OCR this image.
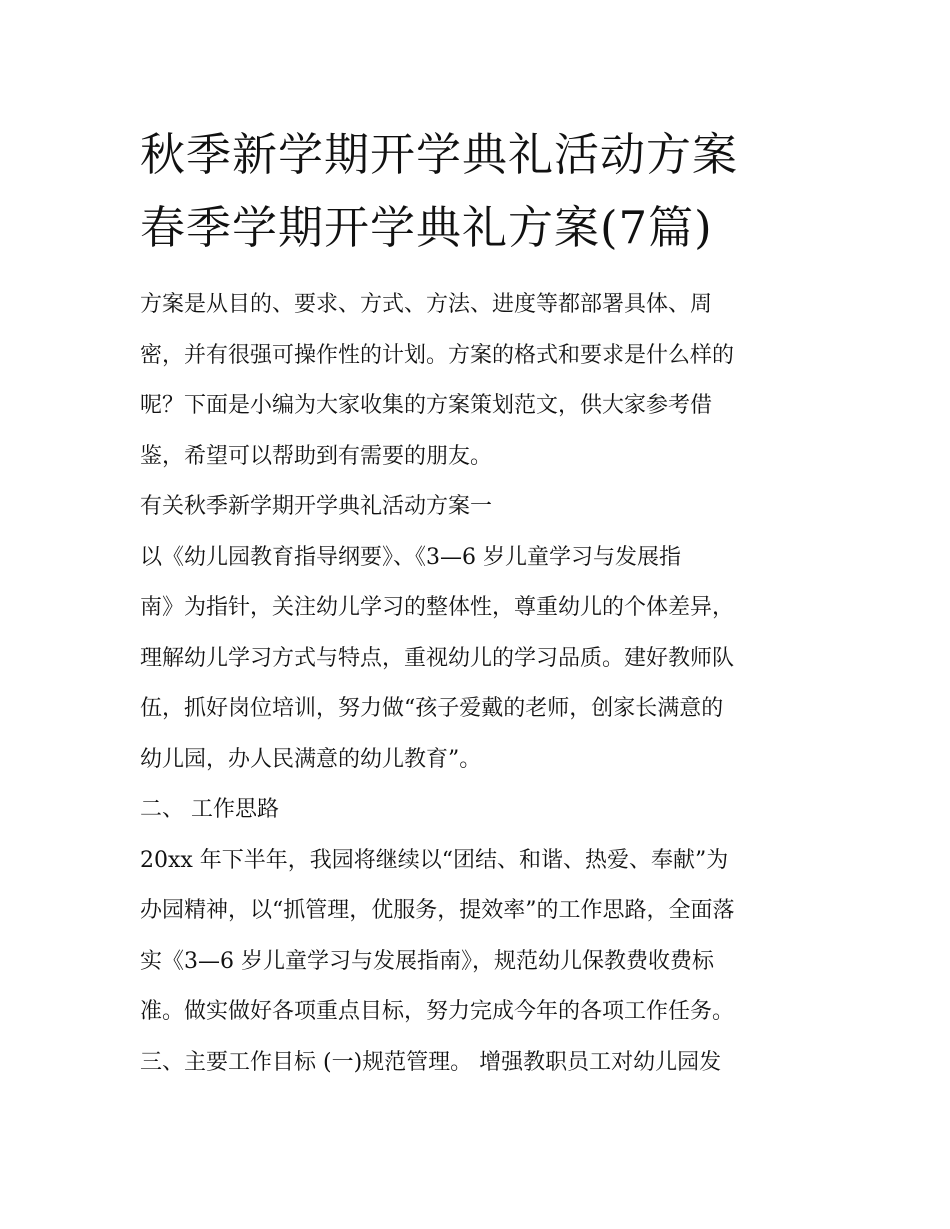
秋季新学期开学典礼活动方案
春季学期开学典礼方案(7篇)

方案是从目的、要求、方式、方法、进度等都部署具体、周
密，并有很强可操作性的计划。方案的格式和要求是什么样的
呢？下面是小编为大家收集的方案策划范文，供大家参考借
鉴，希望可以帮助到有需要的朋友。

有关秋季新学期开学典礼活动方案一

以《幼儿园教育指导纲要》、《3—6 岁儿童学习与发展指
南》为指针，关注幼儿学习的整体性，尊重幼儿的个体差异，
理解幼儿学习方式与特点，重视幼儿的学习品质。建好教师队
伍，抓好岗位培训，努力做“孩子爱戴的老师，创家长满意的
幼儿园，办人民满意的幼儿教育”。

二、 工作思路

20xx 年下半年，我园将继续以“团结、和谐、热爱、奉献”为
办园精神，以“抓管理，优服务，提效率”的工作思路，全面落
实《3—6 岁儿童学习与发展指南》，规范幼儿保教费收费标
准。做实做好各项重点目标，努力完成今年的各项工作任务。
三、主要工作目标 (一)规范管理。 增强教职员工对幼儿园发
